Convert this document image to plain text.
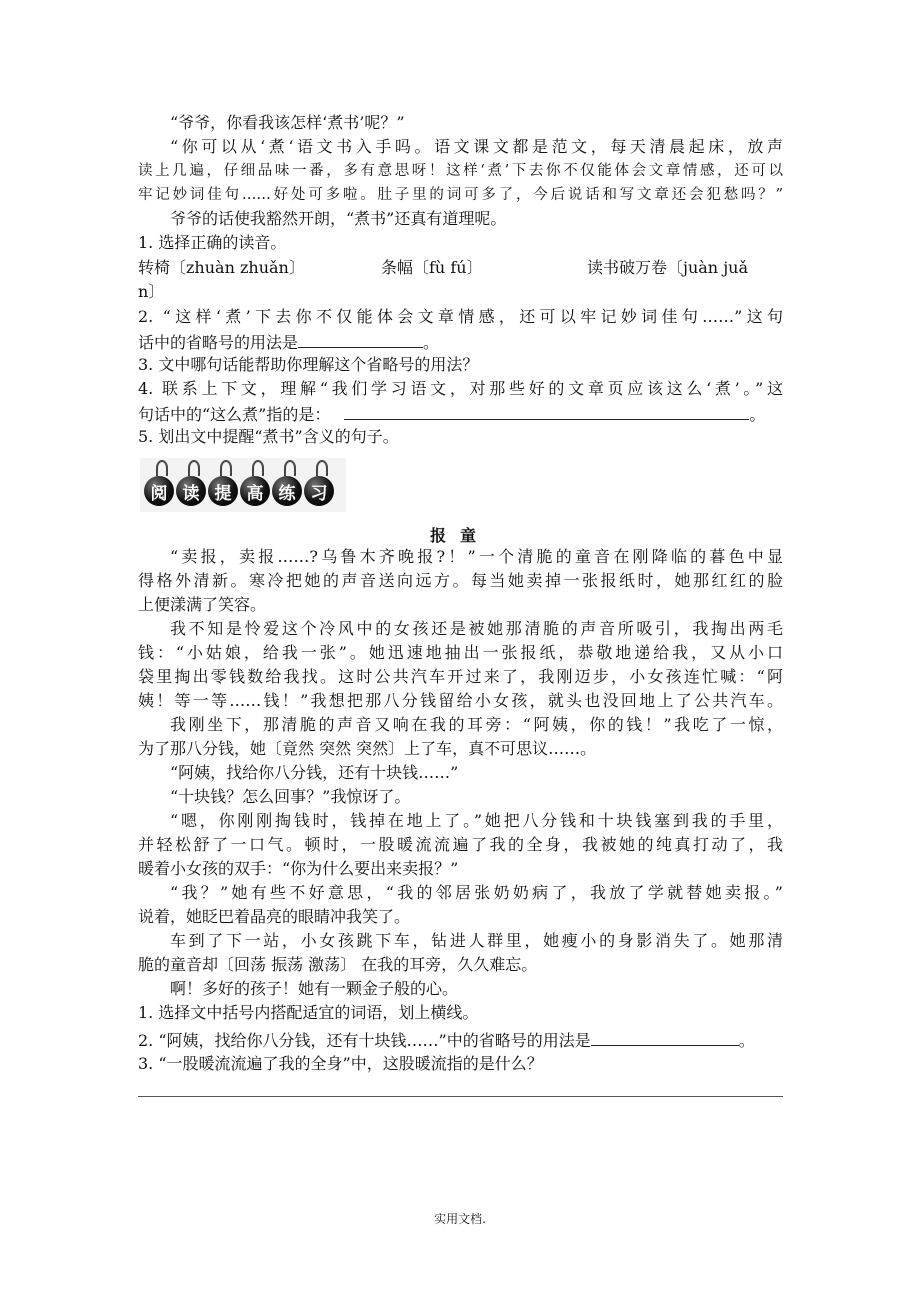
“爷爷，你看我该怎样‘煮书’呢？”
“你可以从‘煮‘语文书入手吗。语文课文都是范文，每天清晨起床，放声
读上几遍，仔细品味一番，多有意思呀！这样‘煮’下去你不仅能体会文章情感，还可以
牢记妙词佳句……好处可多啦。肚子里的词可多了，今后说话和写文章还会犯愁吗？”
爷爷的话使我豁然开朗，“煮书”还真有道理呢。
1. 选择正确的读音。
转椅〔zhuàn zhuǎn〕	条幅〔fù fú〕	读书破万卷〔juàn juǎ
n〕
2. “这样‘煮’下去你不仅能体会文章情感，还可以牢记妙词佳句……”这句
话中的省略号的用法是	。
3. 文中哪句话能帮助你理解这个省略号的用法？
4. 联系上下文，理解“我们学习语文，对那些好的文章页应该这么‘煮’。”这
句话中的“这么煮”指的是：	。
5. 划出文中提醒“煮书”含义的句子。
阅 读 提 高 练 习
报童
“卖报，卖报……?乌鲁木齐晚报?！”一个清脆的童音在刚降临的暮色中显
得格外清新。寒冷把她的声音送向远方。每当她卖掉一张报纸时，她那红红的脸
上便漾满了笑容。
我不知是怜爱这个冷风中的女孩还是被她那清脆的声音所吸引，我掏出两毛
钱：“小姑娘，给我一张”。她迅速地抽出一张报纸，恭敬地递给我，又从小口
袋里掏出零钱数给我找。这时公共汽车开过来了，我刚迈步，小女孩连忙喊：“阿
姨！等一等……钱！”我想把那八分钱留给小女孩，就头也没回地上了公共汽车。
我刚坐下，那清脆的声音又响在我的耳旁：“阿姨，你的钱！”我吃了一惊，
为了那八分钱，她〔竟然 突然 突然〕上了车，真不可思议……。
“阿姨，找给你八分钱，还有十块钱……”
“十块钱？怎么回事？”我惊讶了。
“嗯，你刚刚掏钱时，钱掉在地上了。”她把八分钱和十块钱塞到我的手里，
并轻松舒了一口气。顿时，一股暖流流遍了我的全身，我被她的纯真打动了，我
暖着小女孩的双手：“你为什么要出来卖报？”
“我？”她有些不好意思，“我的邻居张奶奶病了，我放了学就替她卖报。”
说着，她眨巴着晶亮的眼睛冲我笑了。
车到了下一站，小女孩跳下车，钻进人群里，她瘦小的身影消失了。她那清
脆的童音却〔回荡 振荡 激荡〕 在我的耳旁，久久难忘。
啊！多好的孩子！她有一颗金子般的心。
1. 选择文中括号内搭配适宜的词语，划上横线。
2. “阿姨，找给你八分钱，还有十块钱……”中的省略号的用法是	。
3. “一股暖流流遍了我的全身”中，这股暖流指的是什么？
实用文档.
